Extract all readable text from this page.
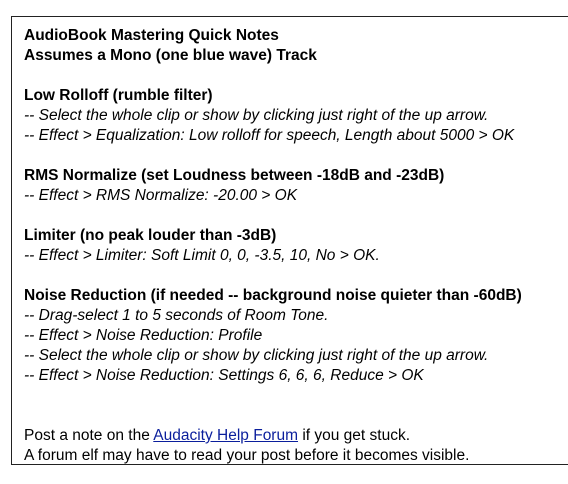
AudioBook Mastering Quick Notes
Assumes a Mono (one blue wave) Track
Low Rolloff (rumble filter)
-- Select the whole clip or show by clicking just right of the up arrow.
-- Effect > Equalization: Low rolloff for speech, Length about 5000 > OK
RMS Normalize (set Loudness between -18dB and -23dB)
-- Effect > RMS Normalize: -20.00 > OK
Limiter (no peak louder than -3dB)
-- Effect > Limiter: Soft Limit 0, 0, -3.5, 10, No > OK.
Noise Reduction (if needed -- background noise quieter than -60dB)
-- Drag-select 1 to 5 seconds of Room Tone.
-- Effect > Noise Reduction: Profile
-- Select the whole clip or show by clicking just right of the up arrow.
-- Effect > Noise Reduction: Settings 6, 6, 6, Reduce > OK
Post a note on the Audacity Help Forum if you get stuck.
A forum elf may have to read your post before it becomes visible.
